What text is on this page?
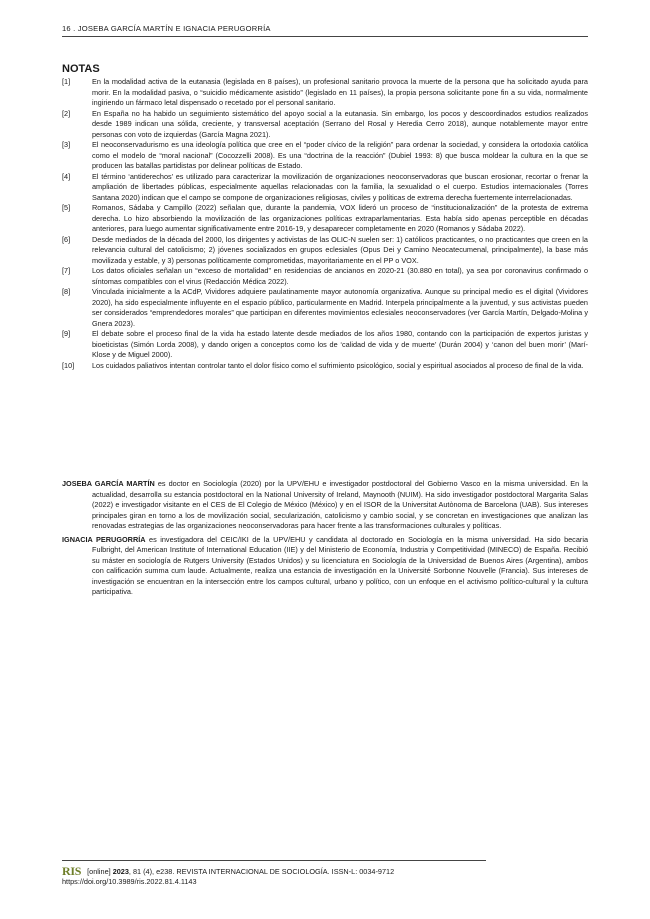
16 . JOSEBA GARCÍA MARTÍN E IGNACIA PERUGORRÍA
NOTAS
[1]	En la modalidad activa de la eutanasia (legislada en 8 países), un profesional sanitario provoca la muerte de la persona que ha solicitado ayuda para morir. En la modalidad pasiva, o “suicidio médicamente asistido” (legislado en 11 países), la propia persona solicitante pone fin a su vida, normalmente ingiriendo un fármaco letal dispensado o recetado por el personal sanitario.
[2]	En España no ha habido un seguimiento sistemático del apoyo social a la eutanasia. Sin embargo, los pocos y descoordinados estudios realizados desde 1989 indican una sólida, creciente, y transversal aceptación (Serrano del Rosal y Heredia Cerro 2018), aunque notablemente mayor entre personas con voto de izquierdas (García Magna 2021).
[3]	El neoconservadurismo es una ideología política que cree en el “poder cívico de la religión” para ordenar la sociedad, y considera la ortodoxia católica como el modelo de “moral nacional” (Cocozzelli 2008). Es una “doctrina de la reacción” (Dubiel 1993: 8) que busca moldear la cultura en la que se producen las batallas partidistas por delinear políticas de Estado.
[4]	El término ‘antiderechos’ es utilizado para caracterizar la movilización de organizaciones neoconservadoras que buscan erosionar, recortar o frenar la ampliación de libertades públicas, especialmente aquellas relacionadas con la familia, la sexualidad o el cuerpo. Estudios internacionales (Torres Santana 2020) indican que el campo se compone de organizaciones religiosas, civiles y políticas de extrema derecha fuertemente interrelacionadas.
[5]	Romanos, Sádaba y Campillo (2022) señalan que, durante la pandemia, VOX lideró un proceso de “institucionalización” de la protesta de extrema derecha. Lo hizo absorbiendo la movilización de las organizaciones políticas extraparlamentarias. Esta había sido apenas perceptible en décadas anteriores, para luego aumentar significativamente entre 2016-19, y desaparecer completamente en 2020 (Romanos y Sádaba 2022).
[6]	Desde mediados de la década del 2000, los dirigentes y activistas de las OLIC-N suelen ser: 1) católicos practicantes, o no practicantes que creen en la relevancia cultural del catolicismo; 2) jóvenes socializados en grupos eclesiales (Opus Dei y Camino Neocatecumenal, principalmente), la base más movilizada y estable, y 3) personas políticamente comprometidas, mayoritariamente en el PP o VOX.
[7]	Los datos oficiales señalan un “exceso de mortalidad” en residencias de ancianos en 2020-21 (30.880 en total), ya sea por coronavirus confirmado o síntomas compatibles con el virus (Redacción Médica 2022).
[8]	Vinculada inicialmente a la ACdP, Vividores adquiere paulatinamente mayor autonomía organizativa. Aunque su principal medio es el digital (Vividores 2020), ha sido especialmente influyente en el espacio público, particularmente en Madrid. Interpela principalmente a la juventud, y sus activistas pueden ser considerados “emprendedores morales” que participan en diferentes movimientos eclesiales neoconservadores (ver García Martín, Delgado-Molina y Gnera 2023).
[9]	El debate sobre el proceso final de la vida ha estado latente desde mediados de los años 1980, contando con la participación de expertos juristas y bioeticistas (Simón Lorda 2008), y dando origen a conceptos como los de ‘calidad de vida y de muerte’ (Durán 2004) y ‘canon del buen morir’ (Marí-Klose y de Miguel 2000).
[10]	Los cuidados paliativos intentan controlar tanto el dolor físico como el sufrimiento psicológico, social y espiritual asociados al proceso de final de la vida.

JOSEBA GARCÍA MARTÍN es doctor en Sociología (2020) por la UPV/EHU e investigador postdoctoral del Gobierno Vasco en la misma universidad. En la actualidad, desarrolla su estancia postdoctoral en la National University of Ireland, Maynooth (NUIM). Ha sido investigador postdoctoral Margarita Salas (2022) e investigador visitante en el CES de El Colegio de México (México) y en el ISOR de la Universitat Autònoma de Barcelona (UAB). Sus intereses principales giran en torno a los de movilización social, secularización, catolicismo y cambio social, y se concretan en investigaciones que analizan las renovadas estrategias de las organizaciones neoconservadoras para hacer frente a las transformaciones culturales y políticas.

IGNACIA PERUGORRÍA es investigadora del CEIC/IKI de la UPV/EHU y candidata al doctorado en Sociología en la misma universidad. Ha sido becaria Fulbright, del American Institute of International Education (IIE) y del Ministerio de Economía, Industria y Competitividad (MINECO) de España. Recibió su máster en sociología de Rutgers University (Estados Unidos) y su licenciatura en Sociología de la Universidad de Buenos Aires (Argentina), ambos con calificación summa cum laude. Actualmente, realiza una estancia de investigación en la Université Sorbonne Nouvelle (Francia). Sus intereses de investigación se encuentran en la intersección entre los campos cultural, urbano y político, con un enfoque en el activismo político-cultural y la cultura participativa.

RIS [online] 2023, 81 (4), e238. REVISTA INTERNACIONAL DE SOCIOLOGÍA. ISSN-L: 0034-9712
https://doi.org/10.3989/ris.2022.81.4.1143
